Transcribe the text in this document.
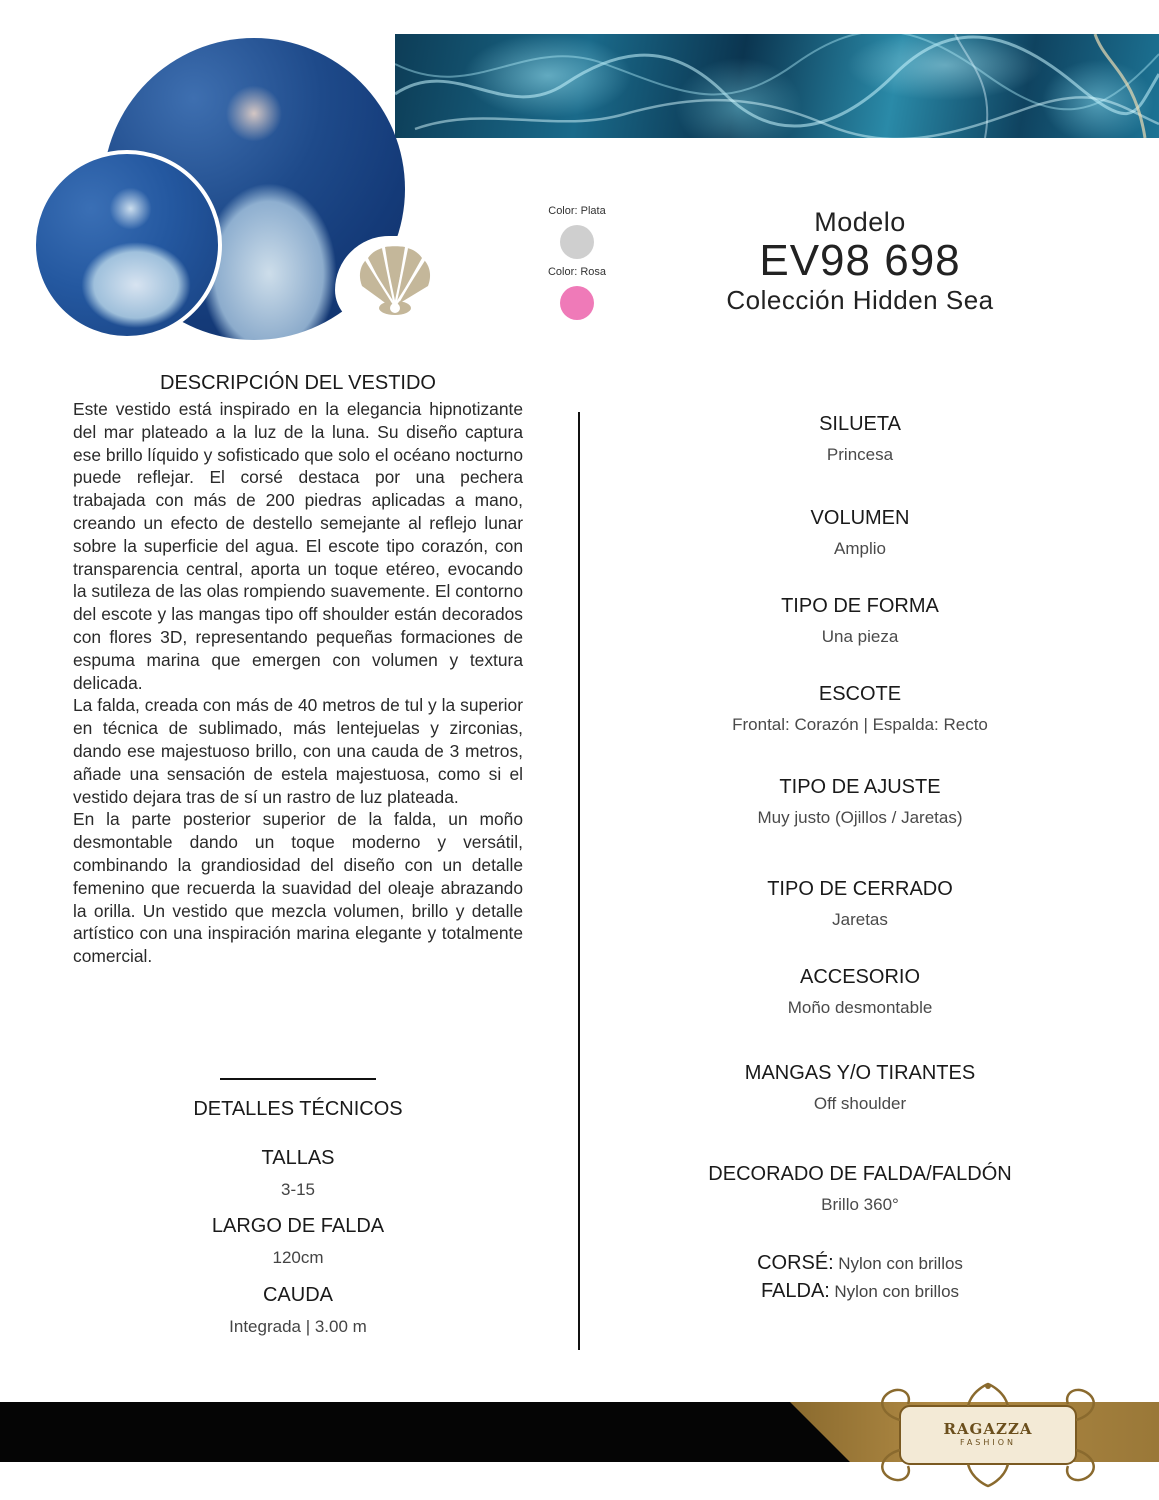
Color: Plata
Color: Rosa
Modelo
EV98 698
Colección Hidden Sea
DESCRIPCIÓN DEL VESTIDO

Este vestido está inspirado en la elegancia hipnotizante del mar plateado a la luz de la luna. Su diseño captura ese brillo líquido y sofisticado que solo el océano nocturno puede reflejar. El corsé destaca por una pechera trabajada con más de 200 piedras aplicadas a mano, creando un efecto de destello semejante al reflejo lunar sobre la superficie del agua. El escote tipo corazón, con transparencia central, aporta un toque etéreo, evocando la sutileza de las olas rompiendo suavemente. El contorno del escote y las mangas tipo off shoulder están decorados con flores 3D, representando pequeñas formaciones de espuma marina que emergen con volumen y textura delicada.

La falda, creada con más de 40 metros de tul y la superior en técnica de sublimado, más lentejuelas y zirconias, dando ese majestuoso brillo, con una cauda de 3 metros, añade una sensación de estela majestuosa, como si el vestido dejara tras de sí un rastro de luz plateada.

En la parte posterior superior de la falda, un moño desmontable dando un toque moderno y versátil, combinando la grandiosidad del diseño con un detalle femenino que recuerda la suavidad del oleaje abrazando la orilla. Un vestido que mezcla volumen, brillo y detalle artístico con una inspiración marina elegante y totalmente comercial.

DETALLES TÉCNICOS
TALLAS
3-15
LARGO DE FALDA
120cm
CAUDA
Integrada | 3.00 m
SILUETA
Princesa
VOLUMEN
Amplio
TIPO DE FORMA
Una pieza
ESCOTE
Frontal: Corazón | Espalda: Recto
TIPO DE AJUSTE
Muy justo (Ojillos / Jaretas)
TIPO DE CERRADO
Jaretas
ACCESORIO
Moño desmontable
MANGAS Y/O TIRANTES
Off shoulder
DECORADO DE FALDA/FALDÓN
Brillo 360°
CORSÉ: Nylon con brillos
FALDA: Nylon con brillos
RAGAZZA
FASHION
